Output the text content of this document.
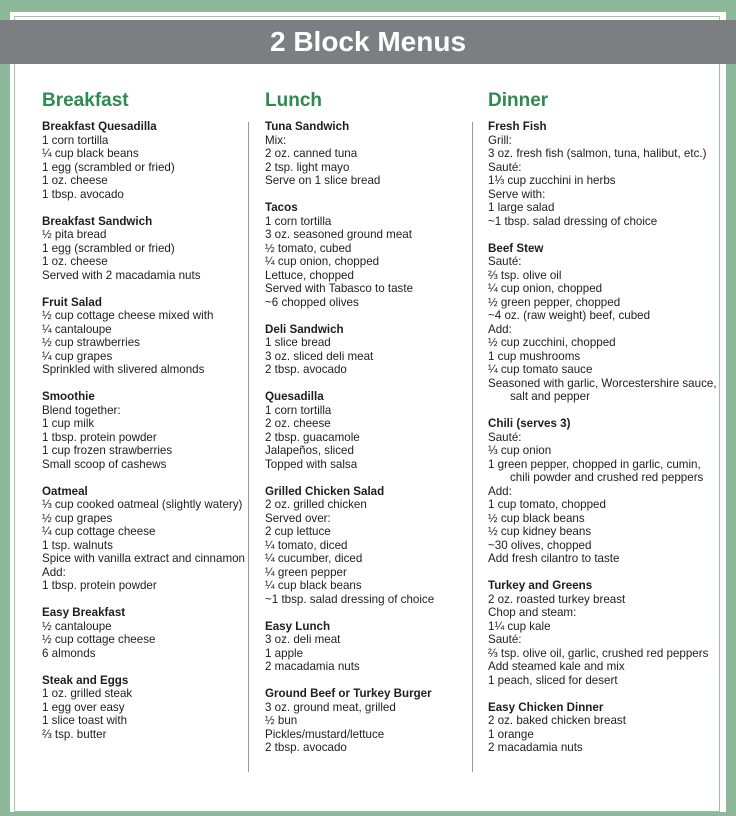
2 Block Menus
Breakfast
Breakfast Quesadilla
1 corn tortilla
¼ cup black beans
1 egg (scrambled or fried)
1 oz. cheese
1 tbsp. avocado
Breakfast Sandwich
½ pita bread
1 egg (scrambled or fried)
1 oz. cheese
Served with 2 macadamia nuts
Fruit Salad
½ cup cottage cheese mixed with
¼ cantaloupe
½ cup strawberries
¼ cup grapes
Sprinkled with slivered almonds
Smoothie
Blend together:
1 cup milk
1 tbsp. protein powder
1 cup frozen strawberries
Small scoop of cashews
Oatmeal
⅓ cup cooked oatmeal (slightly watery)
½ cup grapes
¼ cup cottage cheese
1 tsp. walnuts
Spice with vanilla extract and cinnamon
Add:
1 tbsp. protein powder
Easy Breakfast
½ cantaloupe
½ cup cottage cheese
6 almonds
Steak and Eggs
1 oz. grilled steak
1 egg over easy
1 slice toast with
⅔ tsp. butter
Lunch
Tuna Sandwich
Mix:
2 oz. canned tuna
2 tsp. light mayo
Serve on 1 slice bread
Tacos
1 corn tortilla
3 oz. seasoned ground meat
½ tomato, cubed
¼ cup onion, chopped
Lettuce, chopped
Served with Tabasco to taste
~6 chopped olives
Deli Sandwich
1 slice bread
3 oz. sliced deli meat
2 tbsp. avocado
Quesadilla
1 corn tortilla
2 oz. cheese
2 tbsp. guacamole
Jalapeños, sliced
Topped with salsa
Grilled Chicken Salad
2 oz. grilled chicken
Served over:
2 cup lettuce
¼ tomato, diced
¼ cucumber, diced
¼ green pepper
¼ cup black beans
~1 tbsp. salad dressing of choice
Easy Lunch
3 oz. deli meat
1 apple
2 macadamia nuts
Ground Beef or Turkey Burger
3 oz. ground meat, grilled
½ bun
Pickles/mustard/lettuce
2 tbsp. avocado
Dinner
Fresh Fish
Grill:
3 oz. fresh fish (salmon, tuna, halibut, etc.)
Sauté:
1⅓ cup zucchini in herbs
Serve with:
1 large salad
~1 tbsp. salad dressing of choice
Beef Stew
Sauté:
⅔ tsp. olive oil
¼ cup onion, chopped
½ green pepper, chopped
~4 oz. (raw weight) beef, cubed
Add:
½ cup zucchini, chopped
1 cup mushrooms
¼ cup tomato sauce
Seasoned with garlic, Worcestershire sauce,
salt and pepper
Chili (serves 3)
Sauté:
⅓ cup onion
1 green pepper, chopped in garlic, cumin,
chili powder and crushed red peppers
Add:
1 cup tomato, chopped
½ cup black beans
½ cup kidney beans
~30 olives, chopped
Add fresh cilantro to taste
Turkey and Greens
2 oz. roasted turkey breast
Chop and steam:
1¼ cup kale
Sauté:
⅔ tsp. olive oil, garlic, crushed red peppers
Add steamed kale and mix
1 peach, sliced for desert
Easy Chicken Dinner
2 oz. baked chicken breast
1 orange
2 macadamia nuts
